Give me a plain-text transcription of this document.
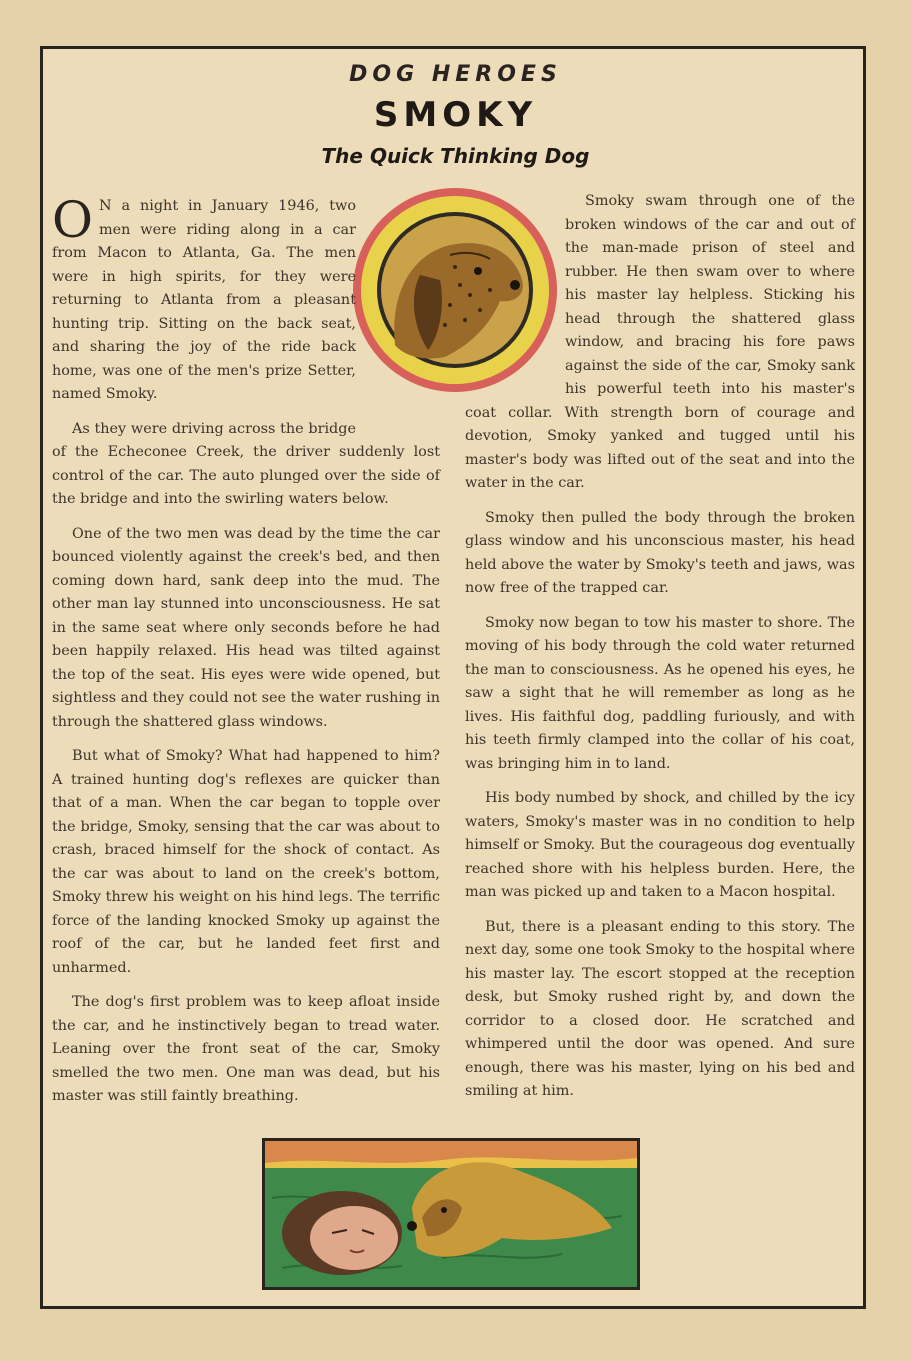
DOG HEROES
SMOKY
The Quick Thinking Dog

O N a night in January 1946, two men were riding along in a car from Macon to Atlanta, Ga. The men were in high spirits, for they were returning to Atlanta from a pleasant hunting trip. Sitting on the back seat, and sharing the joy of the ride back home, was one of the men's prize Setter, named Smoky.

As they were driving across the bridge of the Echeconee Creek, the driver suddenly lost control of the car. The auto plunged over the side of the bridge and into the swirling waters below.

One of the two men was dead by the time the car bounced violently against the creek's bed, and then coming down hard, sank deep into the mud. The other man lay stunned into unconsciousness. He sat in the same seat where only seconds before he had been happily relaxed. His head was tilted against the top of the seat. His eyes were wide opened, but sightless and they could not see the water rushing in through the shattered glass windows.

But what of Smoky? What had happened to him? A trained hunting dog's reflexes are quicker than that of a man. When the car began to topple over the bridge, Smoky, sensing that the car was about to crash, braced himself for the shock of contact. As the car was about to land on the creek's bottom, Smoky threw his weight on his hind legs. The terrific force of the landing knocked Smoky up against the roof of the car, but he landed feet first and unharmed.

The dog's first problem was to keep afloat inside the car, and he instinctively began to tread water. Leaning over the front seat of the car, Smoky smelled the two men. One man was dead, but his master was still faintly breathing.

Smoky swam through one of the broken windows of the car and out of the man-made prison of steel and rubber. He then swam over to where his master lay helpless. Sticking his head through the shattered glass window, and bracing his fore paws against the side of the car, Smoky sank his powerful teeth into his master's coat collar. With strength born of courage and devotion, Smoky yanked and tugged until his master's body was lifted out of the seat and into the water in the car.

Smoky then pulled the body through the broken glass window and his unconscious master, his head held above the water by Smoky's teeth and jaws, was now free of the trapped car.

Smoky now began to tow his master to shore. The moving of his body through the cold water returned the man to consciousness. As he opened his eyes, he saw a sight that he will remember as long as he lives. His faithful dog, paddling furiously, and with his teeth firmly clamped into the collar of his coat, was bringing him in to land.

His body numbed by shock, and chilled by the icy waters, Smoky's master was in no condition to help himself or Smoky. But the courageous dog eventually reached shore with his helpless burden. Here, the man was picked up and taken to a Macon hospital.

But, there is a pleasant ending to this story. The next day, some one took Smoky to the hospital where his master lay. The escort stopped at the reception desk, but Smoky rushed right by, and down the corridor to a closed door. He scratched and whimpered until the door was opened. And sure enough, there was his master, lying on his bed and smiling at him.
